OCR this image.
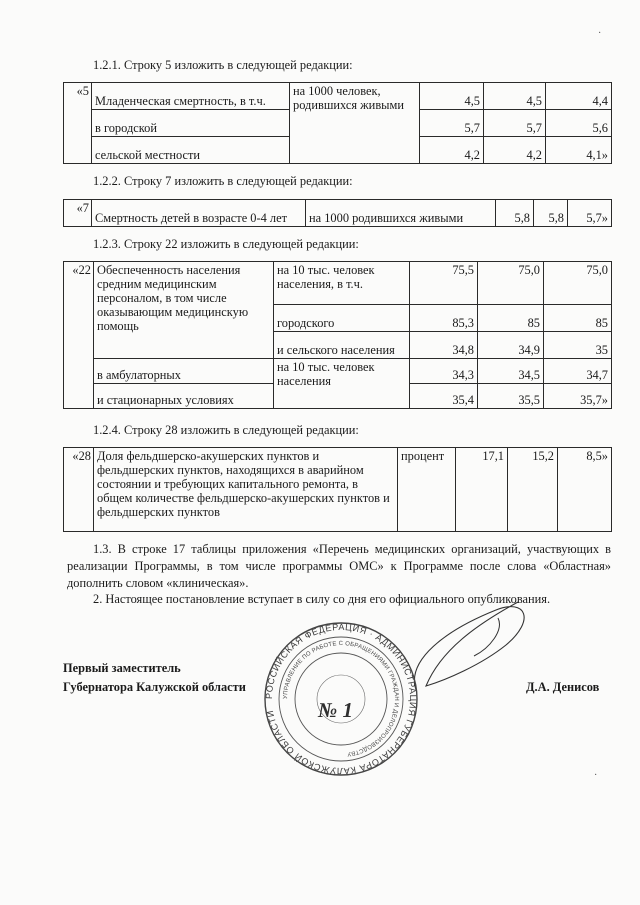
1.2.1. Строку 5 изложить в следующей редакции:
«5	Младенческая смертность, в т.ч.	на 1000 человек, родившихся живыми	4,5	4,5	4,4
	в городской		5,7	5,7	5,6
	сельской местности		4,2	4,2	4,1»
1.2.2. Строку 7 изложить в следующей редакции:
«7	Смертность детей в возрасте 0-4 лет	на 1000 родившихся живыми	5,8	5,8	5,7»
1.2.3. Строку 22 изложить в следующей редакции:
«22	Обеспеченность населения средним медицинским персоналом, в том числе оказывающим медицинскую помощь	на 10 тыс. человек населения, в т.ч.	75,5	75,0	75,0
		городского	85,3	85	85
		и сельского населения	34,8	34,9	35
	в амбулаторных	на 10 тыс. человек населения	34,3	34,5	34,7
	и стационарных условиях		35,4	35,5	35,7»
1.2.4. Строку 28 изложить в следующей редакции:
«28	Доля фельдшерско-акушерских пунктов и фельдшерских пунктов, находящихся в аварийном состоянии и требующих капитального ремонта, в общем количестве фельдшерско-акушерских пунктов и фельдшерских пунктов	процент	17,1	15,2	8,5»
1.3. В строке 17 таблицы приложения «Перечень медицинских организаций, участвующих в реализации Программы, в том числе программы ОМС» к Программе после слова «Областная» дополнить словом «клиническая».
2. Настоящее постановление вступает в силу со дня его официального опубликования.
Первый заместитель
Губернатора Калужской области	Д.А. Денисов
РОССИЙСКАЯ ФЕДЕРАЦИЯ · АДМИНИСТРАЦИЯ ГУБЕРНАТОРА КАЛУЖСКОЙ ОБЛАСТИ
УПРАВЛЕНИЕ ПО РАБОТЕ С ОБРАЩЕНИЯМИ ГРАЖДАН И ДЕЛОПРОИЗВОДСТВУ
№ 1
·
·
